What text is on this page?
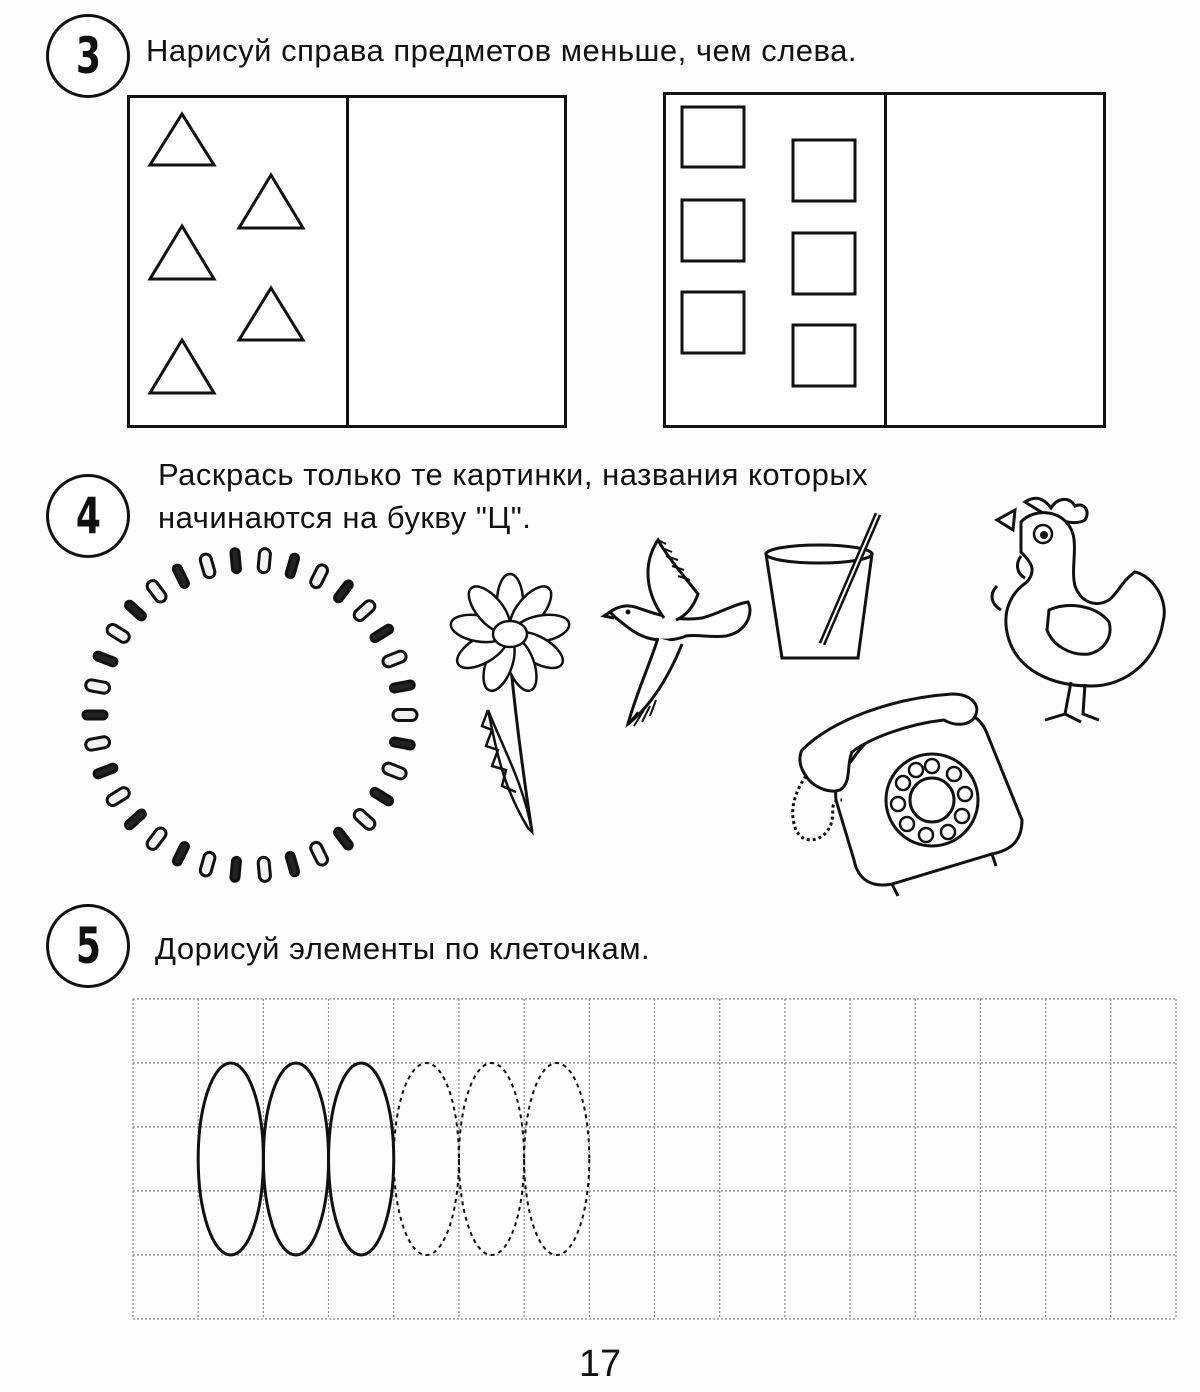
3 Нарисуй справа предметов меньше, чем слева.
4
Раскрась только те картинки, названия которых
начинаются на букву "Ц".
5 Дорисуй элементы по клеточкам.
17
